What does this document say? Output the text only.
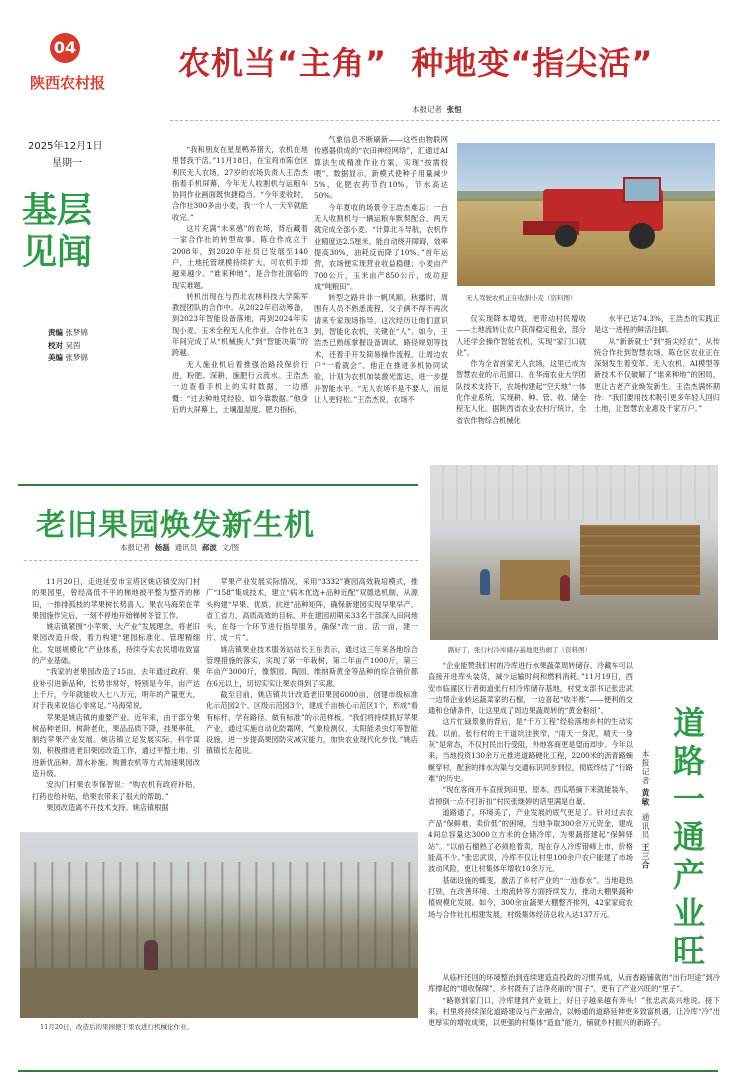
04
陕西农村报
2025年12月1日
星期一
基层
见闻
责编 张梦锦
校对 吴茵
美编 张梦锦
农机当“主角”  种地变“指尖活”
本报记者 张恒

“我和朋友在星星鸭养猪天，农机在地里替我干活。”11月18日，在宝鸡市陈仓区利民无人农场，27岁的农场负责人王浩杰指着手机屏幕，今年无人收割机与运粮车协同作业画面既快捷稳当。“今年麦收时，合作社300多亩小麦，我一个人一天半就能收完。”

这片充满“未来感”的农场，背后藏着一家合作社的转型故事。陈仓作成立于2008年，到2020年社员已发展至140户，土地托管规模持续扩大，可农机手却越来越少。“谁来种地”，是合作社面临的现实难题。

转机出现在与西北农林科技大学陈军教授团队的合作中。从2022年启动筹备，到2023年智能设备落地，再到2024年实现小麦、玉米全程无人化作业，合作社在3年间完成了从“机械换人”到“智能决策”的跨越。

无人施业机后着推强治路段保价行进，粉肥、深耕、施肥行云流水。王浩杰一边查看手机上的实时数据，一边感慨：“过去种地凭经验，如今靠数据。”他身后的大屏幕上，土壤温湿度、肥力指标、

气象信息不断刷新——这些由物联网传感器供成的“农田神经网络”，汇通过AI算法生成精准作业方案，实现“按需投喂”。数据显示，新模式使种子用量减少5%，化肥农药节约10%，节水高达50%。

今年夏收的场景令王浩杰难忘：一台无人收割机与一辆运粮车默契配合，两天就完成全部小麦。“计算北斗导航，农机作业精度达2.5厘米，能自动绕开障碍，效率提高30%，油耗反而降了10%。”首年运营，农场便实现营业收益稳健；小麦亩产700公斤，玉米亩产850公斤，成功迎成“吨粮田”。

转型之路并非一帆风顺。秋播时，周围有人员不熟悉流程，父子俩不得不再次请来专家现场指导。这次经历让他们意识到，智能化农机，关键在“人”。如今，王浩杰已熟练掌握设备调试、路径规划等技术，还着手开发简易操作流程，让周边农户“一看就会”。他正在推进多机协同试验，计划为农机加装激光雷达，进一步提升智能水平。“无人农场不是不要人，而是让人更轻松。”王浩杰说，农场不

无人驾驶农机正在收割小麦（资料图）

仅实现降本增效，更带动村民增收——土地流转让农户获得稳定租金，部分人还学会操作智能农机，实现“家门口就业”。

作为全省首家无人农场，这里已成为智慧农业的示范窗口。在华南农业大学团队技术支持下，农场构建起“空天地”一体化作业系统，实现耕、种、管、收、储全程无人化。据陕西省农业农村厅统计，全省农作物综合机械化

水平已达74.3%，王浩杰的实践正是这一进程的鲜活注脚。

从“新新就士”到“指尖经农”，从传统合作社到智慧农场，陈仓区农业正在深刻发生着变革。无人农机、AI模型等新技术不仅破解了“谁来种地”的困局，更让古老产业焕发新生。王浩杰满怀期待：“我们要用技术吸引更多年轻人回归土地，让智慧农业惠及千家万户。”

老旧果园焕发新生机
本报记者 杨磊 通讯员 郝波 文/图

11月20日，走进延安市宝塔区姚店镇安沟门村的果园里，曾经高低不平的梯地被平整为整齐的梯田，一排排孤枝的苹果树长势喜人。果农马海荣在苹果园施作完后，一刻不停地开始梯树冬管工作。

姚店镇紧围“小苹果、大产业”发展理念，将老旧果园改造升级，着力构建“建园标准化、管理精细化、发展规模化”产业体系，持续夺实农民增收致富的产业基础。

“我家的老果园改造了15亩，去年通过政府、果业补引进新品种，长势非常好，特别是今年，亩产达上千斤，今年就能收入七八万元，明年的产量更大，对于我来说信心非常足。”马海荣说。

苹果是姚店镇的重要产业。近年来，由于部分果树品种老旧、树龄老化，果品品质下降，挂果率低，制约苹果产业发展。姚店镇立足发展实际，科学谋划，积极推进老旧果园改造工作，通过平整土地、引进新优品种、渭水补施、购置农机等方式加速果园改造升级。

安沟门村果农李保智说：“购农机有政府补贴，打药也给补贴，给果农带来了很大的帮助。”

果园改造离不开技术支持。姚店镇根据

苹果产业发展实际情况，采用“3332”赛园高效栽培模式，推广“158”集成技术，建立“病木优选+品种近配”双德选机制，从源头构建“早果、优质、抗逆”品种矩阵，确保新建园实现早果早产、省工省力、高质高效的目标。并在建园初期采33名干部深入田间地头，在每一个环节进行指导服务，确保“改一亩、活一亩，建一片、成一片”。

姚店镇果业技术服务站站长王东表示，通过这三年来各地综合管理措施的落实，实现了第一年栽树，第二年亩产1000斤，第三年亩产3000斤，像蔡园、陶园、维纳斯黄金等品种的综合销价都在6元以上，切切实实让果农得到了实惠。

截至目前，姚店镇共计改造老旧果园6000亩，创建市级标准化示范园2个、区级示范园3个，建成千亩核心示范区1个，形成“看有标杆、学有路径、做有标准”的示范样板。“我们将持续抓好苹果产业，通过实施自动化防霜网、气象检测仪、太阳能杀虫灯等智能设施，进一步提高果园防灾减灾能力，加快农业现代化步伐。”姚店镇镇长左超说。

11月20日，改造后的果园便于果农进行机械化作业。
路好了，张行村冷库储存基地更热闹了（资料图）
道路一通产业旺
本报记者 黄敏  通讯员 王三合

“企业能赞我们村的冷库进行水果蔬菜周转储存，冷藏车可以直接开进库头装货，减少运输时间和燃料消耗。”11月19日，西安市临潼区行者街道张行村冷库储存基地，村党支部书记张忠武一边帮企业转运蔬菜家的石榴，一边喜起“收半账”——便利的交通和仓储条件，让这里成了周边果蔬周转的“黄金枢纽”。

这片忙碌景象的背后，是“千万工程”经验落地乡村的生动实践。以前，张行村的主干道坑洼狭窄，“雨天一身泥，晴天一身灰”是常态，不仅村民出行受阻，外地客商更是望而却步。今年以来，当地投资130余万元推进道路硬化工程，2200米的沥青路蜿蜒穿村，配套的排水沟渠与交通标识同步到位，彻底终结了“行路难”的历史。

“现在客商开车直接到田里，原本，西瓜嗒摘下来就能装车，省掉倒一点不打折扣”村民张继婷的话里满是自豪。

道路通了，环境美了，产业发展的底气更足了。针对过去农产品“保鲜难、卖价低”的困境，当地争取300余万元资金，建成4间总容量达3000立方米的仓储冷库，为果蔬搭建起“保鲜驿站”。“以前石榴熟了必须抢着卖，现在存入冷库错峰上市，价格能高不少。”张忠武说，冷库不仅让村里100余户农户能建了市场波动风险，更让村集体年增收10余万元。

基础设施的蝶变，激活了乡村产业的“一池春水”。当地趁热打铁，在改善环境、土地流转等方面持续发力，推动大棚果蔬种植规模化发展。如今，300余亩蔬果大棚整齐排列，42家家庭农场与合作社扎根建发展，村级集体经济总收入达137万元。

从临杆还回的环境整治到连续建造直投政的习惯养成，从而香路铺就的“出行坦途”到冷库撑起的“增收保障”，乡村既有了洁净亮丽的“面子”，更有了产业兴旺的“里子”。

“路修到家门口，冷库建到产业链上，好日子越来越有奔头！”张忠武高兴地说。接下来，村里将持续深化道路建设与产业融合，以畅通的道路延伸更多致富机遇，让冷库“冷”出更厚实的增收成果，以更强的村集体“造血”能力，铺就乡村振兴的新路子。
